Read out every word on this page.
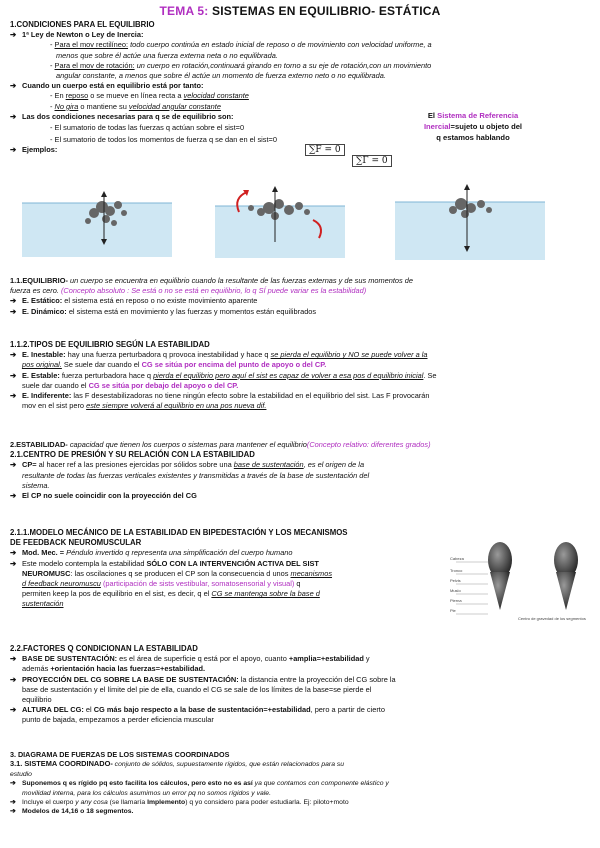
TEMA 5: SISTEMAS EN EQUILIBRIO- ESTÁTICA
1.CONDICIONES PARA EL EQUILIBRIO
➔ 1ª Ley de Newton o Ley de Inercia:
- Para el mov rectilíneo: todo cuerpo continúa en estado inicial de reposo o de movimiento con velocidad uniforme, a
menos que sobre él actúe una fuerza externa neta o no equilibrada.
- Para el mov de rotación: un cuerpo en rotación,continuará girando en torno a su eje de rotación,con un movimiento
angular constante, a menos que sobre él actúe un momento de fuerza externo neto o no equilibrada.
➔ Cuando un cuerpo está en equilibrio está por tanto:
- En reposo o se mueve en línea recta a velocidad constante
- No gira o mantiene su velocidad angular constante
➔ Las dos condiciones necesarias para q se de equilibrio son:
- El sumatorio de todas las fuerzas q actúan sobre el sist=0
- El sumatorio de todos los momentos de fuerza q se dan en el sist=0
➔ Ejemplos:	∑F = 0
∑Γ = 0
El Sistema de Referencia
Inercial=sujeto u objeto del
q estamos hablando
1.1.EQUILIBRIO- un cuerpo se encuentra en equilibrio cuando la resultante de las fuerzas externas y de sus momentos de
fuerza es cero. (Concepto absoluto : Se está o no se está en equilibrio, lo q SÍ puede variar es la estabilidad)
➔ E. Estático: el sistema está en reposo o no existe movimiento aparente
➔ E. Dinámico: el sistema está en movimiento y las fuerzas y momentos están equilibrados
1.1.2.TIPOS DE EQUILIBRIO SEGÚN LA ESTABILIDAD
➔ E. Inestable: hay una fuerza perturbadora q provoca inestabilidad y hace q se pierda el equilibrio y NO se puede volver a la
pos original. Se suele dar cuando el CG se sitúa por encima del punto de apoyo o del CP.
➔ E. Estable: fuerza perturbadora hace q pierda el equilibrio pero aquí el sist es capaz de volver a esa pos d equilibrio inicial. Se
suele dar cuando el CG se sitúa por debajo del apoyo o del CP.
➔ E. Indiferente: las F desestabilizadoras no tiene ningún efecto sobre la estabilidad en el equilibrio del sist. Las F provocarán
mov en el sist pero este siempre volverá al equilibrio en una pos nueva dif.
2.ESTABILIDAD- capacidad que tienen los cuerpos o sistemas para mantener el equilibrio(Concepto relativo: diferentes grados)
2.1.CENTRO DE PRESIÓN Y SU RELACIÓN CON LA ESTABILIDAD
➔ CP= al hacer ref a las presiones ejercidas por sólidos sobre una base de sustentación, es el origen de la
resultante de todas las fuerzas verticales existentes y transmitidas a través de la base de sustentación del
sistema.
➔ El CP no suele coincidir con la proyección del CG
2.1.1.MODELO MECÁNICO DE LA ESTABILIDAD EN BIPEDESTACIÓN Y LOS MECANISMOS
DE FEEDBACK NEUROMUSCULAR
➔ Mod. Mec. = Péndulo invertido q representa una simplificación del cuerpo humano
➔ Este modelo contempla la estabilidad SÓLO CON LA INTERVENCIÓN ACTIVA DEL SIST
NEUROMUSC: las oscilaciones q se producen el CP son la consecuencia d unos mecanismos
d feedback neuromuscu (participación de sists vestibular, somatosensorial y visual) q
permiten keep la pos de equilibrio en el sist, es decir, q el CG se mantenga sobre la base d
sustentación
Cabeza
Tronco
Pelvis
Muslo
Pierna
Pie
Centro de gravedad de los segmentos
2.2.FACTORES Q CONDICIONAN LA ESTABILIDAD
➔ BASE DE SUSTENTACIÓN: es el área de superficie q está por el apoyo, cuanto +amplia=+estabilidad y
además +orientación hacia las fuerzas=+estabilidad.
➔ PROYECCIÓN DEL CG SOBRE LA BASE DE SUSTENTACIÓN: la distancia entre la proyección del CG sobre la
base de sustentación y el límite del pie de ella, cuando el CG se sale de los límites de la base=se pierde el
equilibrio
➔ ALTURA DEL CG: el CG más bajo respecto a la base de sustentación=+estabilidad, pero a partir de cierto
punto de bajada, empezamos a perder eficiencia muscular
3. DIAGRAMA DE FUERZAS DE LOS SISTEMAS COORDINADOS
3.1. SISTEMA COORDINADO- conjunto de sólidos, supuestamente rígidos, que están relacionados para su
estudio
➔ Suponemos q es rígido pq esto facilita los cálculos, pero esto no es así ya que contamos con componente elástico y
movilidad interna, para los cálculos asumimos un error pq no somos rígidos y vale.
➔ Incluye el cuerpo y any cosa (se llamaría Implemento) q yo considero para poder estudiarla. Ej: piloto+moto
➔ Modelos de 14,16 o 18 segmentos.
